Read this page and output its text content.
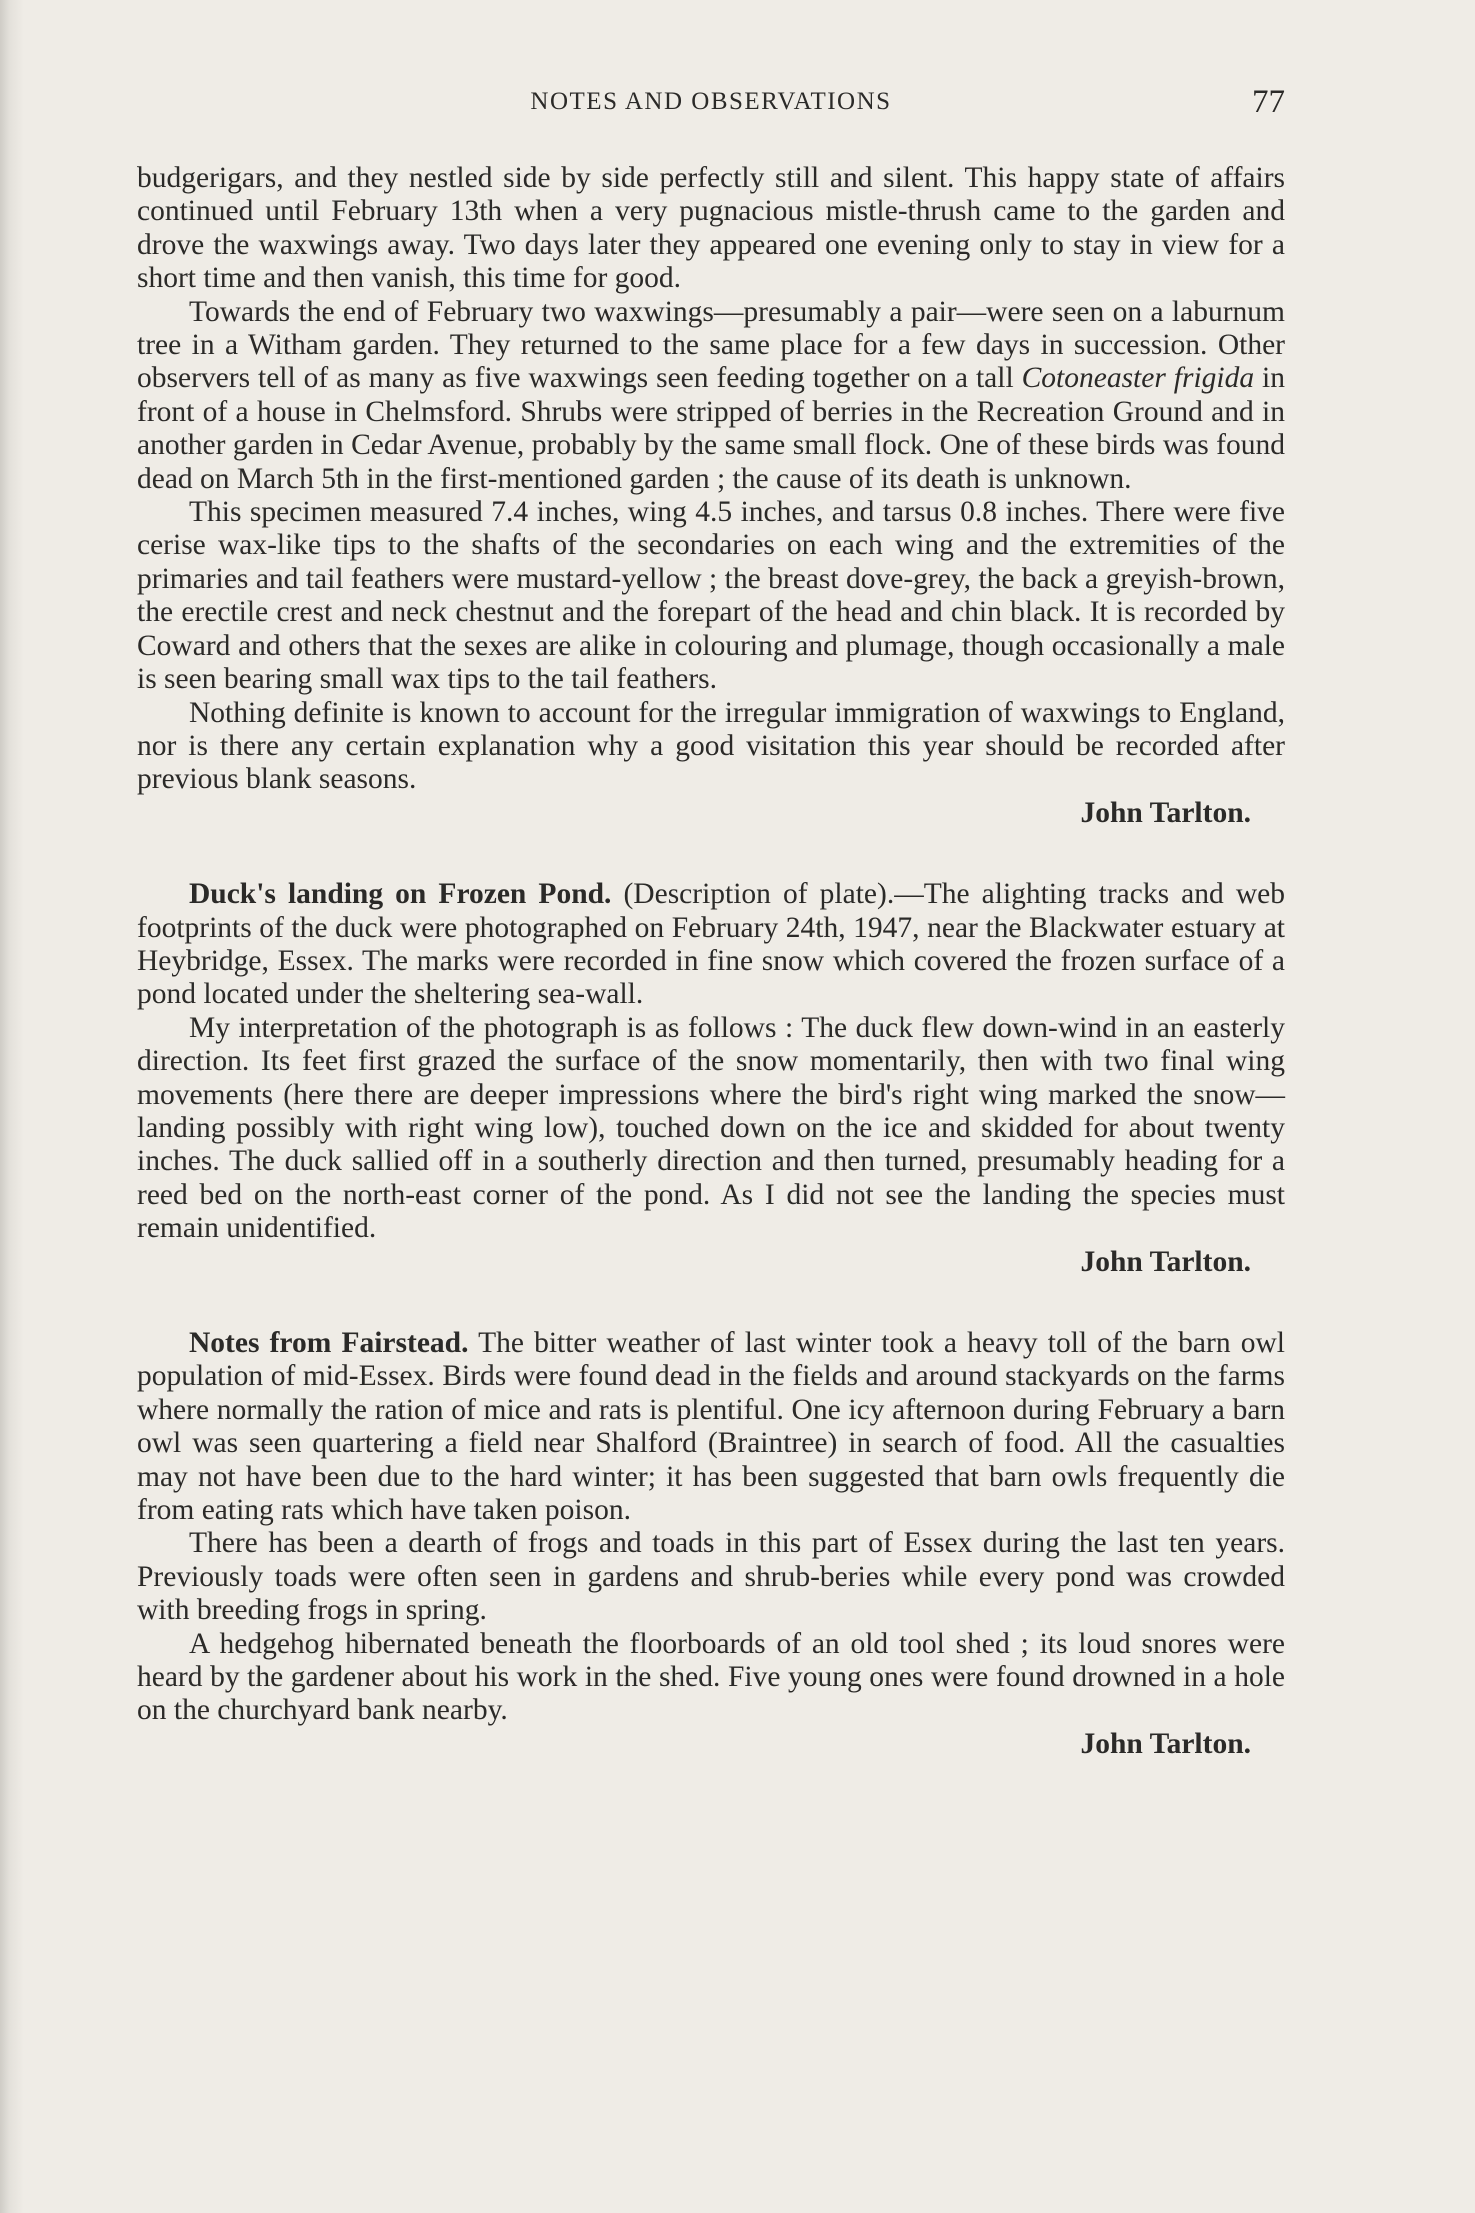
NOTES AND OBSERVATIONS	77

budgerigars, and they nestled side by side perfectly still and silent. This happy state of affairs continued until February 13th when a very pugnacious mistle-thrush came to the garden and drove the waxwings away. Two days later they appeared one evening only to stay in view for a short time and then vanish, this time for good.

Towards the end of February two waxwings—presumably a pair—were seen on a laburnum tree in a Witham garden. They returned to the same place for a few days in succession. Other observers tell of as many as five waxwings seen feeding together on a tall Cotoneaster frigida in front of a house in Chelmsford. Shrubs were stripped of berries in the Recreation Ground and in another garden in Cedar Avenue, probably by the same small flock. One of these birds was found dead on March 5th in the first-mentioned garden ; the cause of its death is unknown.

This specimen measured 7.4 inches, wing 4.5 inches, and tarsus 0.8 inches. There were five cerise wax-like tips to the shafts of the secondaries on each wing and the extremities of the primaries and tail feathers were mustard-yellow ; the breast dove-grey, the back a greyish-brown, the erectile crest and neck chestnut and the forepart of the head and chin black. It is recorded by Coward and others that the sexes are alike in colouring and plumage, though occasionally a male is seen bearing small wax tips to the tail feathers.

Nothing definite is known to account for the irregular immigration of waxwings to England, nor is there any certain explanation why a good visitation this year should be recorded after previous blank seasons.

John Tarlton.

Duck's landing on Frozen Pond. (Description of plate).—The alighting tracks and web footprints of the duck were photographed on February 24th, 1947, near the Blackwater estuary at Heybridge, Essex. The marks were recorded in fine snow which covered the frozen surface of a pond located under the sheltering sea-wall.

My interpretation of the photograph is as follows : The duck flew down-wind in an easterly direction. Its feet first grazed the surface of the snow momentarily, then with two final wing movements (here there are deeper impressions where the bird's right wing marked the snow—landing possibly with right wing low), touched down on the ice and skidded for about twenty inches. The duck sallied off in a southerly direction and then turned, presumably heading for a reed bed on the north-east corner of the pond. As I did not see the landing the species must remain unidentified.

John Tarlton.

Notes from Fairstead. The bitter weather of last winter took a heavy toll of the barn owl population of mid-Essex. Birds were found dead in the fields and around stackyards on the farms where normally the ration of mice and rats is plentiful. One icy afternoon during February a barn owl was seen quartering a field near Shalford (Braintree) in search of food. All the casualties may not have been due to the hard winter; it has been suggested that barn owls frequently die from eating rats which have taken poison.

There has been a dearth of frogs and toads in this part of Essex during the last ten years. Previously toads were often seen in gardens and shrub-beries while every pond was crowded with breeding frogs in spring.

A hedgehog hibernated beneath the floorboards of an old tool shed ; its loud snores were heard by the gardener about his work in the shed. Five young ones were found drowned in a hole on the churchyard bank nearby.

John Tarlton.
